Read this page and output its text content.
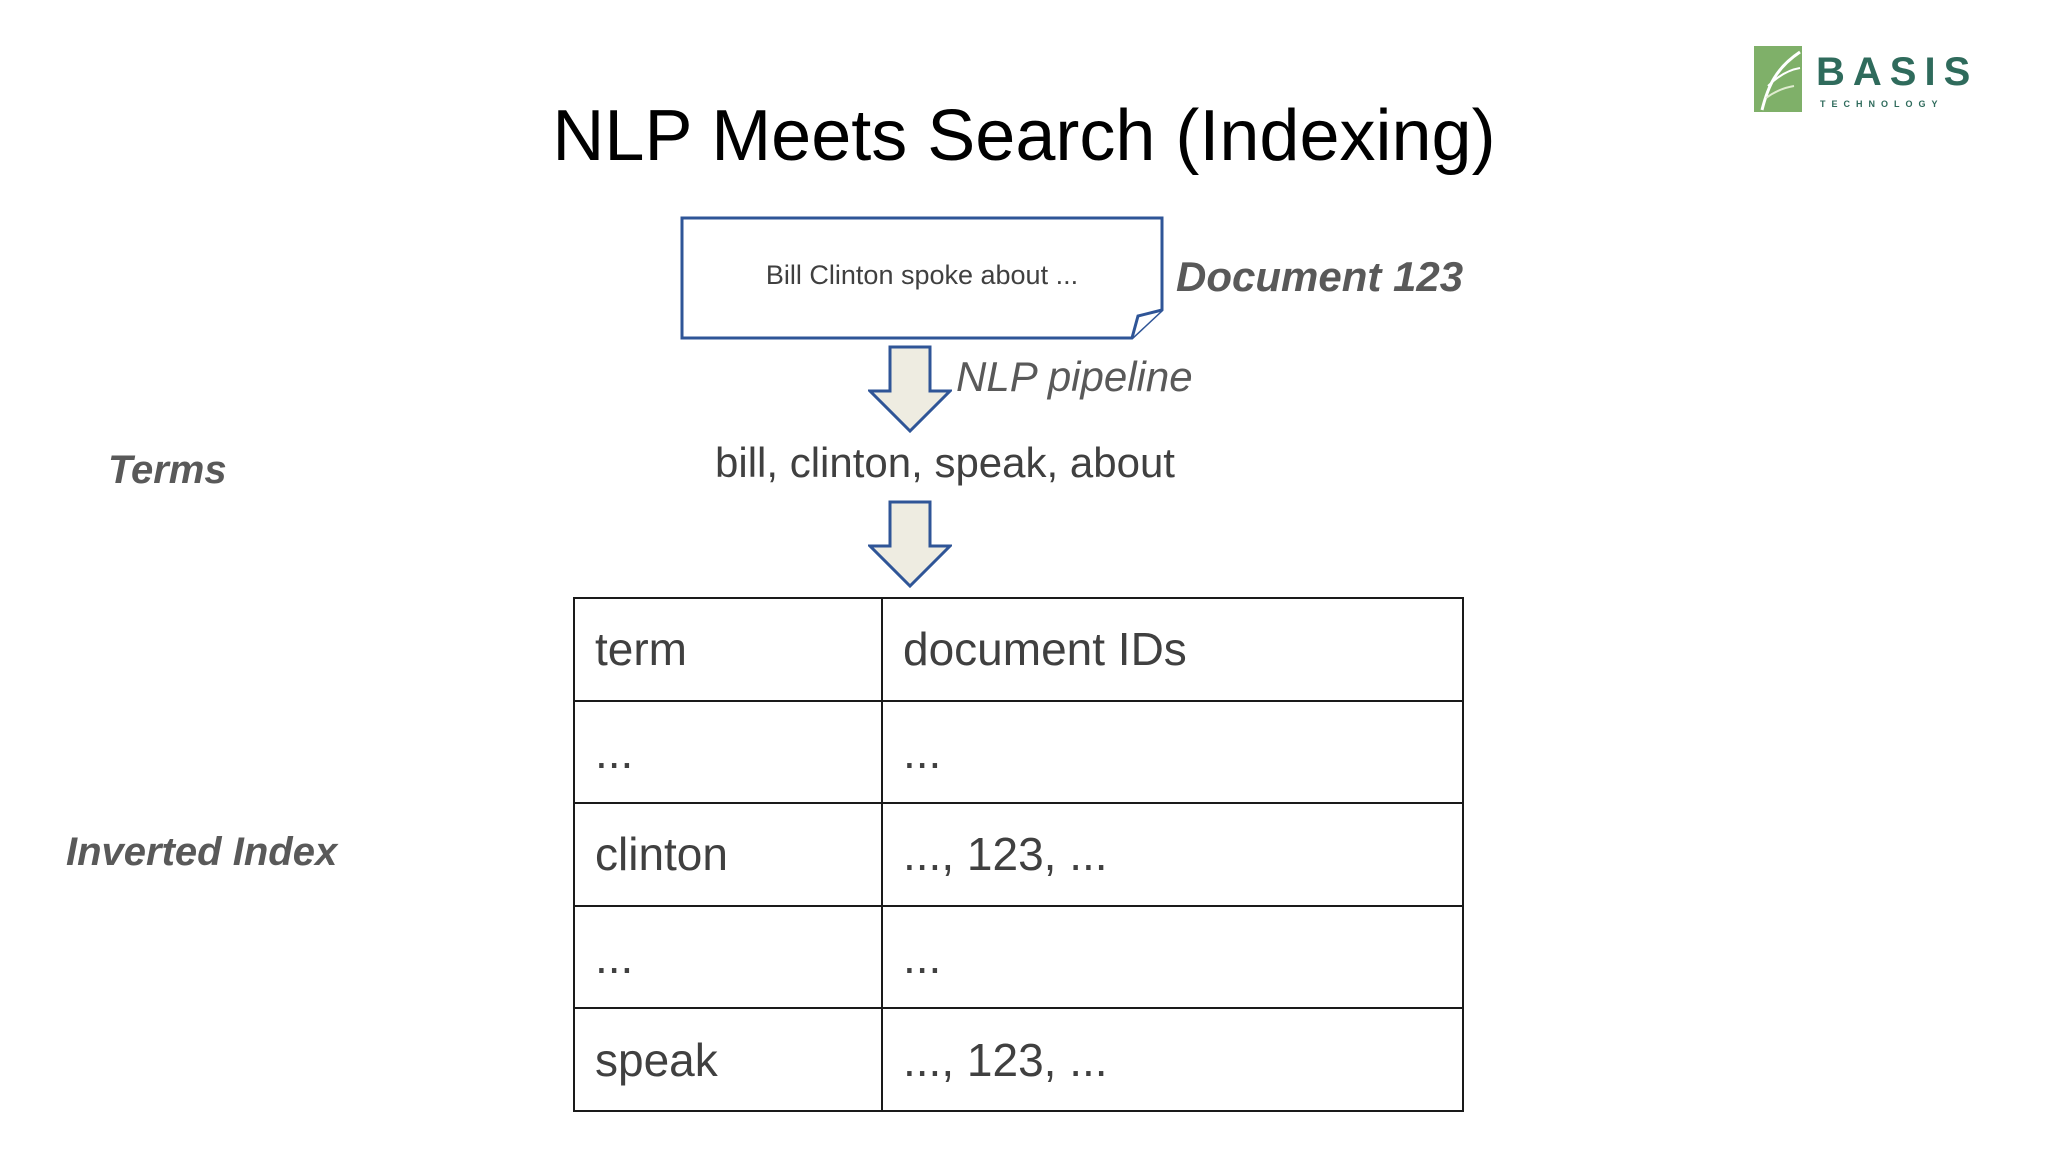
BASIS
TECHNOLOGY
NLP Meets Search (Indexing)
Bill Clinton spoke about ...	Document 123
NLP pipeline
Terms	bill, clinton, speak, about
Inverted Index
term	document IDs
...	...
clinton	..., 123, ...
...	...
speak	..., 123, ...
